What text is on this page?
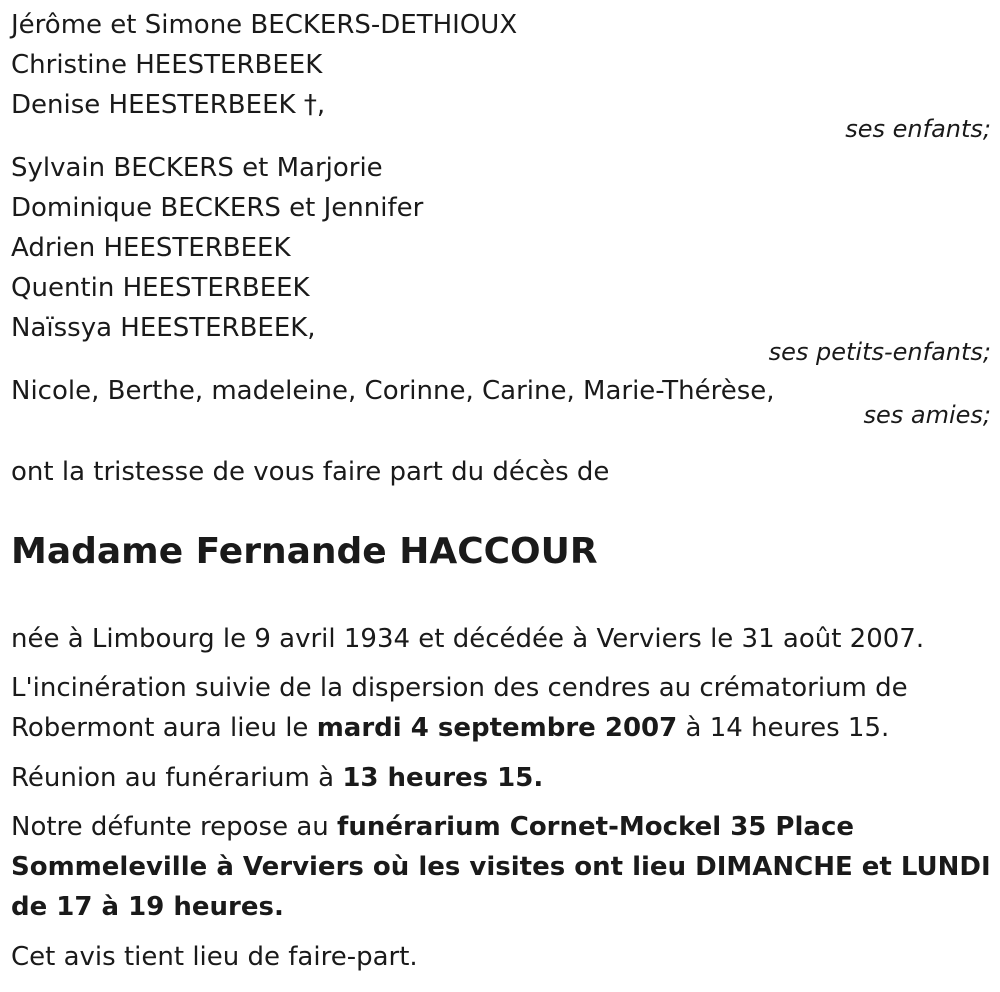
Jérôme et Simone BECKERS-DETHIOUX
Christine HEESTERBEEK
Denise HEESTERBEEK †,
ses enfants;
Sylvain BECKERS et Marjorie
Dominique BECKERS et Jennifer
Adrien HEESTERBEEK
Quentin HEESTERBEEK
Naïssya HEESTERBEEK,
ses petits-enfants;
Nicole, Berthe, madeleine, Corinne, Carine, Marie-Thérèse,
ses amies;
ont la tristesse de vous faire part du décès de
Madame Fernande HACCOUR
née à Limbourg le 9 avril 1934 et décédée à Verviers le 31 août 2007.
L'incinération suivie de la dispersion des cendres au crématorium de Robermont aura lieu le mardi 4 septembre 2007 à 14 heures 15.
Réunion au funérarium à 13 heures 15.
Notre défunte repose au funérarium Cornet-Mockel 35 Place Sommeleville à Verviers où les visites ont lieu DIMANCHE et LUNDI de 17 à 19 heures.
Cet avis tient lieu de faire-part.
